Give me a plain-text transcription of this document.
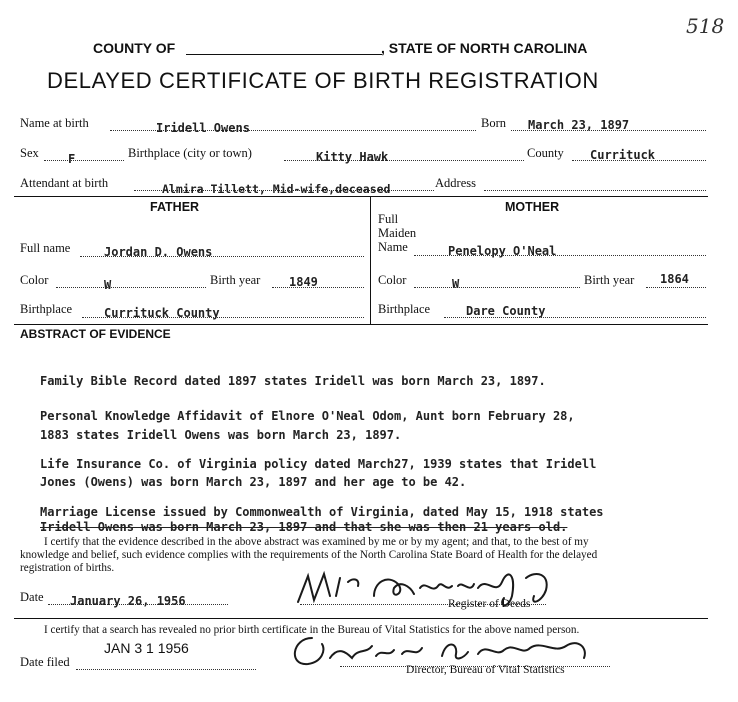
518
COUNTY OF	, STATE OF NORTH CAROLINA
DELAYED CERTIFICATE OF BIRTH REGISTRATION
Name at birth	Iridell Owens	Born March 23, 1897
Sex F	Birthplace (city or town)	Kitty Hawk	County Currituck
Attendant at birth	Almira Tillett, Mid-wife,deceased	Address
FATHER	MOTHER
Full name	Jordan D. Owens
Color	W	Birth year 1849
Birthplace	Currituck County
Full
Maiden
Name	Penelopy O'Neal
Color	W	Birth year 1864
Birthplace	Dare County
ABSTRACT OF EVIDENCE
Family Bible Record dated 1897 states Iridell was born March 23, 1897.
Personal Knowledge Affidavit of Elnore O'Neal Odom, Aunt born February 28,
1883 states Iridell Owens was born March 23, 1897.
Life Insurance Co. of Virginia policy dated March27, 1939 states that Iridell
Jones (Owens) was born March 23, 1897 and her age to be 42.
Marriage License issued by Commonwealth of Virginia, dated May 15, 1918 states
Iridell Owens was born March 23, 1897 and that she was then 21 years old.
I certify that the evidence described in the above abstract was examined by me or by my agent; and that, to the best of my
knowledge and belief, such evidence complies with the requirements of the North Carolina State Board of Health for the delayed
registration of births.
Date January 26, 1956	Register of Deeds
I certify that a search has revealed no prior birth certificate in the Bureau of Vital Statistics for the above named person.
JAN 3 1 1956
Date filed
Director, Bureau of Vital Statistics
